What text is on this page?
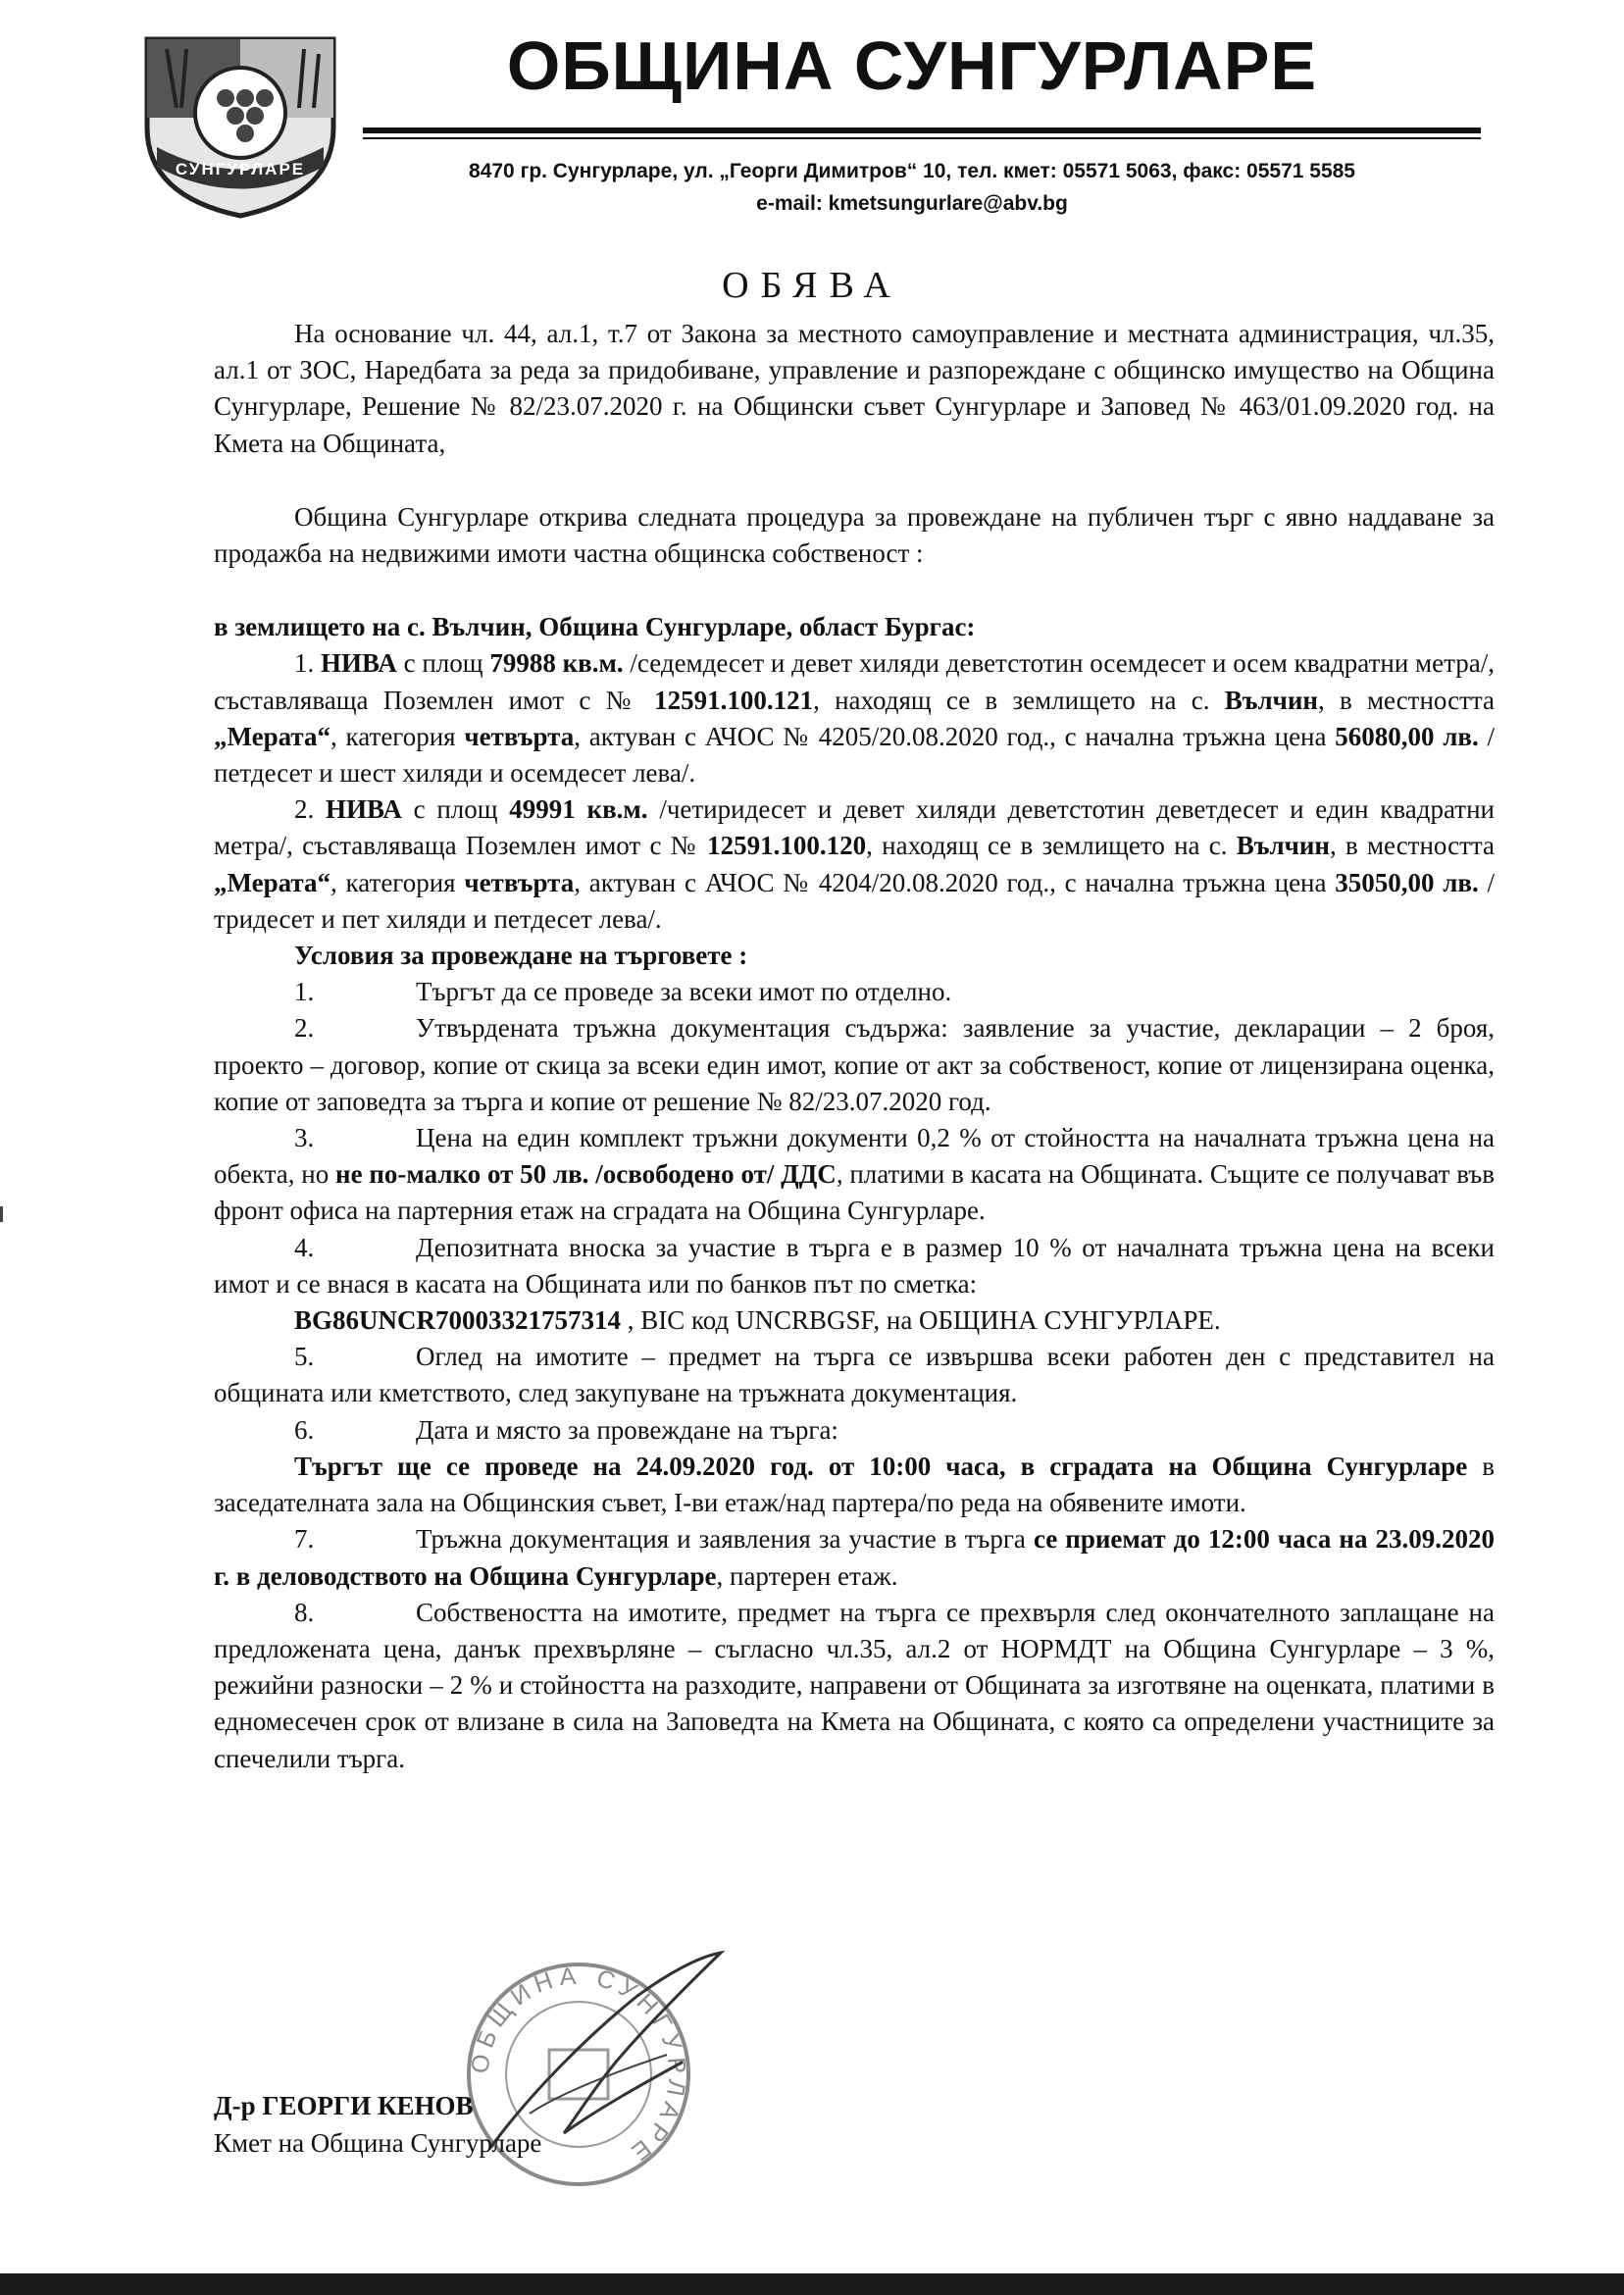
СУНГУРЛАРЕ
ОБЩИНА СУНГУРЛАРЕ
8470 гр. Сунгурларе, ул. „Георги Димитров“ 10, тел. кмет: 05571 5063, факс: 05571 5585
e-mail: kmetsungurlare@abv.bg
ОБЯВА

На основание чл. 44, ал.1, т.7 от Закона за местното самоуправление и местната администрация, чл.35, ал.1 от ЗОС, Наредбата за реда за придобиване, управление и разпореждане с общинско имущество на Община Сунгурларе, Решение № 82/23.07.2020 г. на Общински съвет Сунгурларе и Заповед № 463/01.09.2020 год. на Кмета на Общината,

Община Сунгурларе открива следната процедура за провеждане на публичен търг с явно наддаване за продажба на недвижими имоти частна общинска собственост :

в землището на с. Вълчин, Община Сунгурларе, област Бургас:

1. НИВА с площ 79988 кв.м. /седемдесет и девет хиляди деветстотин осемдесет и осем квадратни метра/, съставляваща Поземлен имот с № 12591.100.121, находящ се в землището на с. Вълчин, в местността „Мерата“, категория четвърта, актуван с АЧОС № 4205/20.08.2020 год., с начална тръжна цена 56080,00 лв. /петдесет и шест хиляди и осемдесет лева/.

2. НИВА с площ 49991 кв.м. /четиридесет и девет хиляди деветстотин деветдесет и един квадратни метра/, съставляваща Поземлен имот с № 12591.100.120, находящ се в землището на с. Вълчин, в местността „Мерата“, категория четвърта, актуван с АЧОС № 4204/20.08.2020 год., с начална тръжна цена 35050,00 лв. /тридесет и пет хиляди и петдесет лева/.

Условия за провеждане на търговете :

1.	Търгът да се проведе за всеки имот по отделно.

2.	Утвърдената тръжна документация съдържа: заявление за участие, декларации – 2 броя, проекто – договор, копие от скица за всеки един имот, копие от акт за собственост, копие от лицензирана оценка, копие от заповедта за търга и копие от решение № 82/23.07.2020 год.

3.	Цена на един комплект тръжни документи 0,2 % от стойността на началната тръжна цена на обекта, но не по-малко от 50 лв. /освободено от/ ДДС, платими в касата на Общината. Същите се получават във фронт офиса на партерния етаж на сградата на Община Сунгурларе.

4.	Депозитната вноска за участие в търга е в размер 10 % от началната тръжна цена на всеки имот и се внася в касата на Общината или по банков път по сметка:

BG86UNCR70003321757314 , BIC код UNCRBGSF, на ОБЩИНА СУНГУРЛАРЕ.

5.	Оглед на имотите – предмет на търга се извършва всеки работен ден с представител на общината или кметството, след закупуване на тръжната документация.

6.	Дата и място за провеждане на търга:

Търгът ще се проведе на 24.09.2020 год. от 10:00 часа, в сградата на Община Сунгурларе в заседателната зала на Общинския съвет, І-ви етаж/над партера/по реда на обявените имоти.

7.	Тръжна документация и заявления за участие в търга се приемат до 12:00 часа на 23.09.2020 г. в деловодството на Община Сунгурларе, партерен етаж.

8.	Собствеността на имотите, предмет на търга се прехвърля след окончателното заплащане на предложената цена, данък прехвърляне – съгласно чл.35, ал.2 от НОРМДТ на Община Сунгурларе – 3 %, режийни разноски – 2 % и стойността на разходите, направени от Общината за изготвяне на оценката, платими в едномесечен срок от влизане в сила на Заповедта на Кмета на Общината, с която са определени участниците за спечелили търга.

ОБЩИНА СУНГУРЛАРЕ
Д-р ГЕОРГИ КЕНОВ
Кмет на Община Сунгурларе
